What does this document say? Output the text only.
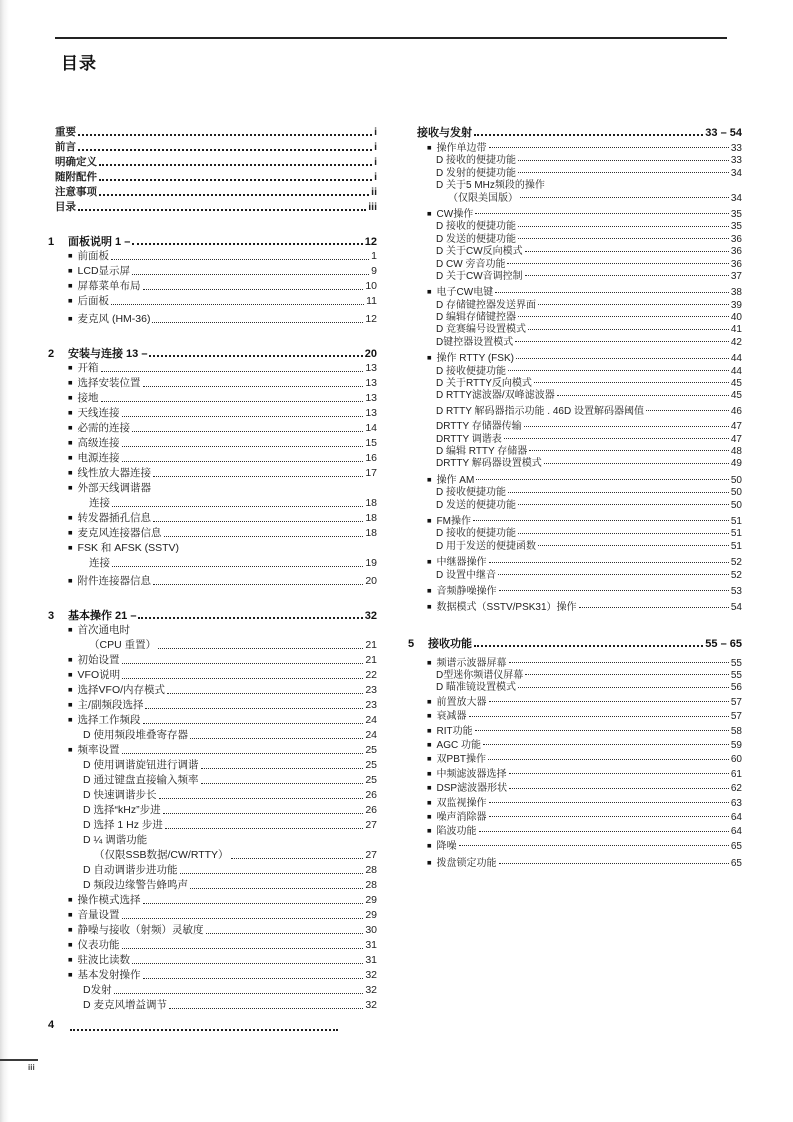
目录
重要	i
前言	i
明确定义	i
随附配件	i
注意事项	ii
目录	iii
1	面板说明 1 –	12
■ 前面板	1
■ LCD显示屏	9
■ 屏幕菜单布局	10
■ 后面板	11
■ 麦克风 (HM-36)	12
2	安装与连接 13 –	20
■ 开箱	13
■ 选择安装位置	13
■ 接地	13
■ 天线连接	13
■ 必需的连接	14
■ 高级连接	15
■ 电源连接	16
■ 线性放大器连接	17
■ 外部天线调谐器
连接	18
■ 转发器插孔信息	18
■ 麦克风连接器信息	18
■ FSK 和 AFSK (SSTV)
连接	19
■ 附件连接器信息	20
3	基本操作 21 –	32
■ 首次通电时
（CPU 重置）	21
■ 初始设置	21
■ VFO说明	22
■ 选择VFO/内存模式	23
■ 主/副频段选择	23
■ 选择工作频段	24
D 使用频段堆叠寄存器	24
■ 频率设置	25
D 使用调谐旋钮进行调谐	25
D 通过键盘直接输入频率	25
D 快速调谐步长	26
D 选择“kHz”步进	26
D 选择 1 Hz 步进	27
D ¼ 调谐功能
（仅限SSB数据/CW/RTTY）	27
D 自动调谐步进功能	28
D 频段边缘警告蜂鸣声	28
■ 操作模式选择	29
■ 音量设置	29
■ 静噪与接收（射频）灵敏度	30
■ 仪表功能	31
■ 驻波比读数	31
■ 基本发射操作	32
D发射	32
D 麦克风增益调节	32
4
接收与发射	33 – 54
■ 操作单边带	33
D 接收的便捷功能	33
D 发射的便捷功能	34
D 关于5 MHz频段的操作
（仅限美国版）	34
■ CW操作	35
D 接收的便捷功能	35
D 发送的便捷功能	36
D 关于CW反向模式	36
D CW 旁音功能	36
D 关于CW音调控制	37
■ 电子CW电键	38
D 存储键控器发送界面	39
D 编辑存储键控器	40
D 竞赛编号设置模式	41
D键控器设置模式	42
■ 操作 RTTY (FSK)	44
D 接收便捷功能	44
D 关于RTTY反向模式	45
D RTTY滤波器/双峰滤波器	45
D RTTY 解码器指示功能 . 46D 设置解码器阈值	46
DRTTY 存储器传输	47
DRTTY 调谐表	47
D 编辑 RTTY 存储器	48
DRTTY 解码器设置模式	49
■ 操作 AM	50
D 接收便捷功能	50
D 发送的便捷功能	50
■ FM操作	51
D 接收的便捷功能	51
D 用于发送的便捷函数	51
■ 中继器操作	52
D 设置中继音	52
■ 音频静噪操作	53
■ 数据模式（SSTV/PSK31）操作	54
5	接收功能	55 – 65
■ 频谱示波器屏幕	55
D型迷你频谱仪屏幕	55
D 瞄准镜设置模式	56
■ 前置放大器	57
■ 衰减器	57
■ RIT功能	58
■ AGC 功能	59
■ 双PBT操作	60
■ 中频滤波器选择	61
■ DSP滤波器形状	62
■ 双监视操作	63
■ 噪声消除器	64
■ 陷波功能	64
■ 降噪	65
■ 拨盘锁定功能	65
iii
